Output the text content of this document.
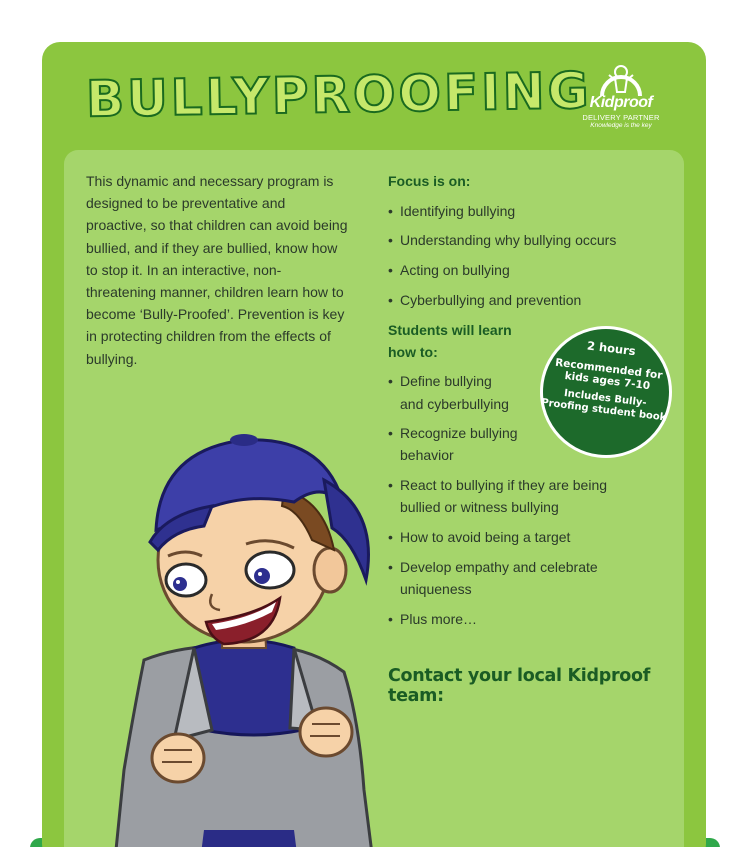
BULLYPROOFING
Kidproof
DELIVERY PARTNER
Knowledge is the key

This dynamic and necessary program is designed to be preventative and proactive, so that children can avoid being bullied, and if they are bullied, know how to stop it. In an interactive, non-threatening manner, children learn how to become ‘Bully-Proofed’. Prevention is key in protecting children from the effects of bullying.

Focus is on:
• Identifying bullying
• Understanding why bullying occurs
• Acting on bullying
• Cyberbullying and prevention
Students will learn how to:
• Define bullying and cyberbullying
• Recognize bullying behavior
• React to bullying if they are being bullied or witness bullying
• How to avoid being a target
• Develop empathy and celebrate uniqueness
• Plus more…
Contact your local Kidproof team:
2 hours
Recommended for kids ages 7-10
Includes Bully-Proofing student book
